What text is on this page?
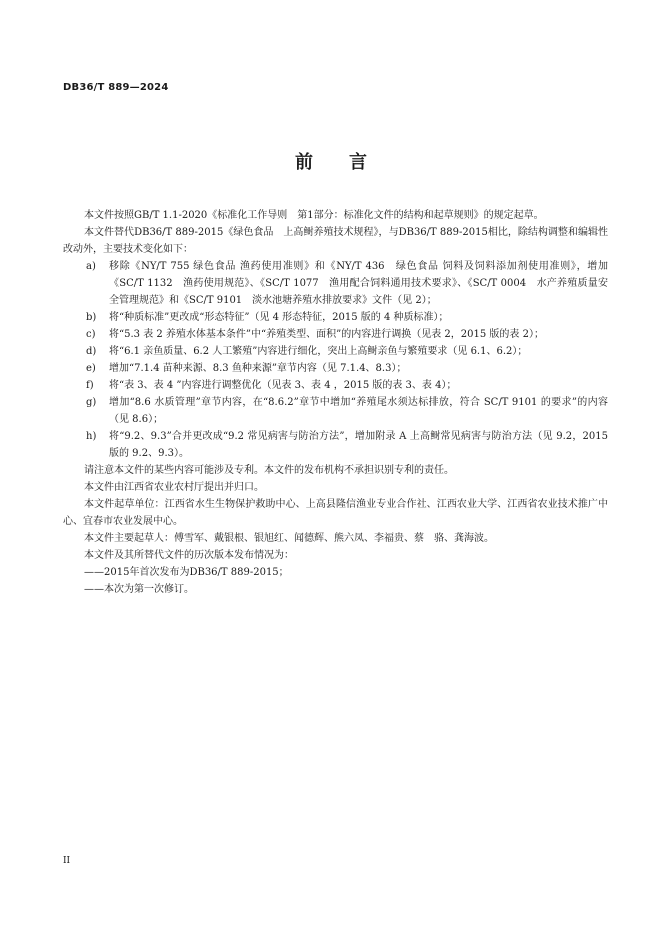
DB36/T 889—2024
前　　言

本文件按照GB/T 1.1-2020《标准化工作导则　第1部分：标准化文件的结构和起草规则》的规定起草。

本文件替代DB36/T 889-2015《绿色食品　上高鲥养殖技术规程》，与DB36/T 889-2015相比，除结构调整和编辑性改动外，主要技术变化如下：

a) 移除《NY/T 755 绿色食品 渔药使用准则》和《NY/T 436　绿色食品 饲料及饲料添加剂使用准则》，增加《SC/T 1132　渔药使用规范》、《SC/T 1077　渔用配合饲料通用技术要求》、《SC/T 0004　水产养殖质量安全管理规范》和《SC/T 9101　淡水池塘养殖水排放要求》文件（见 2）；
b) 将“种质标准”更改成“形态特征”（见 4 形态特征，2015 版的 4 种质标准）；
c) 将“5.3 表 2 养殖水体基本条件”中“养殖类型、面积”的内容进行调换（见表 2，2015 版的表 2）；
d) 将“6.1 亲鱼质量、6.2 人工繁殖”内容进行细化，突出上高鲥亲鱼与繁殖要求（见 6.1、6.2）；
e) 增加“7.1.4 苗种来源、8.3 鱼种来源”章节内容（见 7.1.4、8.3）；
f) 将“表 3、表 4 ”内容进行调整优化（见表 3、表 4 ，2015 版的表 3、表 4）；
g) 增加“8.6 水质管理”章节内容，在“8.6.2”章节中增加“养殖尾水须达标排放，符合 SC/T 9101 的要求”的内容（见 8.6）；
h) 将“9.2、9.3”合并更改成“9.2 常见病害与防治方法”，增加附录 A 上高鲥常见病害与防治方法（见 9.2，2015 版的 9.2、9.3）。

请注意本文件的某些内容可能涉及专利。本文件的发布机构不承担识别专利的责任。

本文件由江西省农业农村厅提出并归口。

本文件起草单位：江西省水生生物保护救助中心、上高县隆信渔业专业合作社、江西农业大学、江西省农业技术推广中心、宜春市农业发展中心。

本文件主要起草人：傅雪军、戴银根、银旭红、闻德辉、熊六凤、李福贵、蔡　骆、龚海波。

本文件及其所替代文件的历次版本发布情况为：

——2015年首次发布为DB36/T 889-2015；

——本次为第一次修订。

II
